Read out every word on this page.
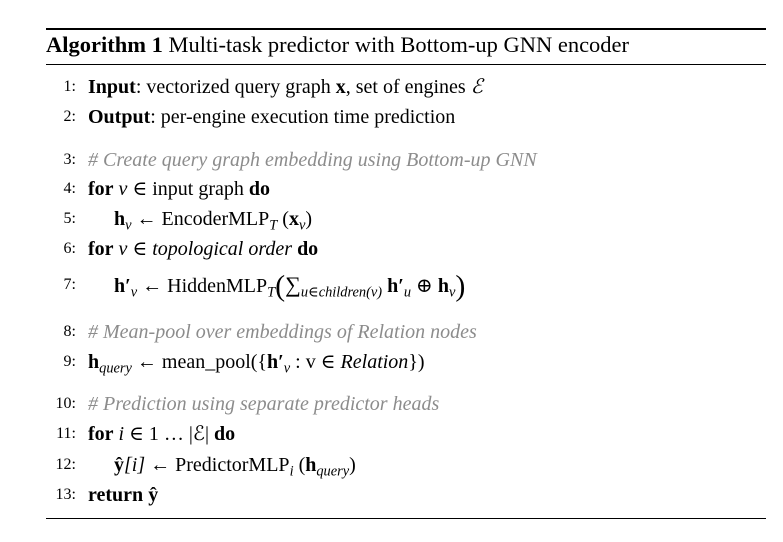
Algorithm 1 Multi-task predictor with Bottom-up GNN encoder
1: Input: vectorized query graph x, set of engines ℰ
2: Output: per-engine execution time prediction
3: # Create query graph embedding using Bottom-up GNN
4: for v ∈ input graph do
5: $h_v$ ← EncoderMLP$_T$ $(x_v)$
6: for v ∈ topological order do
7: $h'_v$ ← $HiddenMLP_T(\sum_{u\in children(v)}$ $h'_u$ ⊕ $h_v$)
8: # Mean-pool over embeddings of Relation nodes
9: $h_{query}$ ← $mean\_pool(\{h'_v$ : v ∈ Relation})
10: # Prediction using separate predictor heads
11: for i ∈ 1 … |ℰ| do
12: ŷ[i] ← PredictorMLP$_i$ $(h_{query})$
13: return ŷ
